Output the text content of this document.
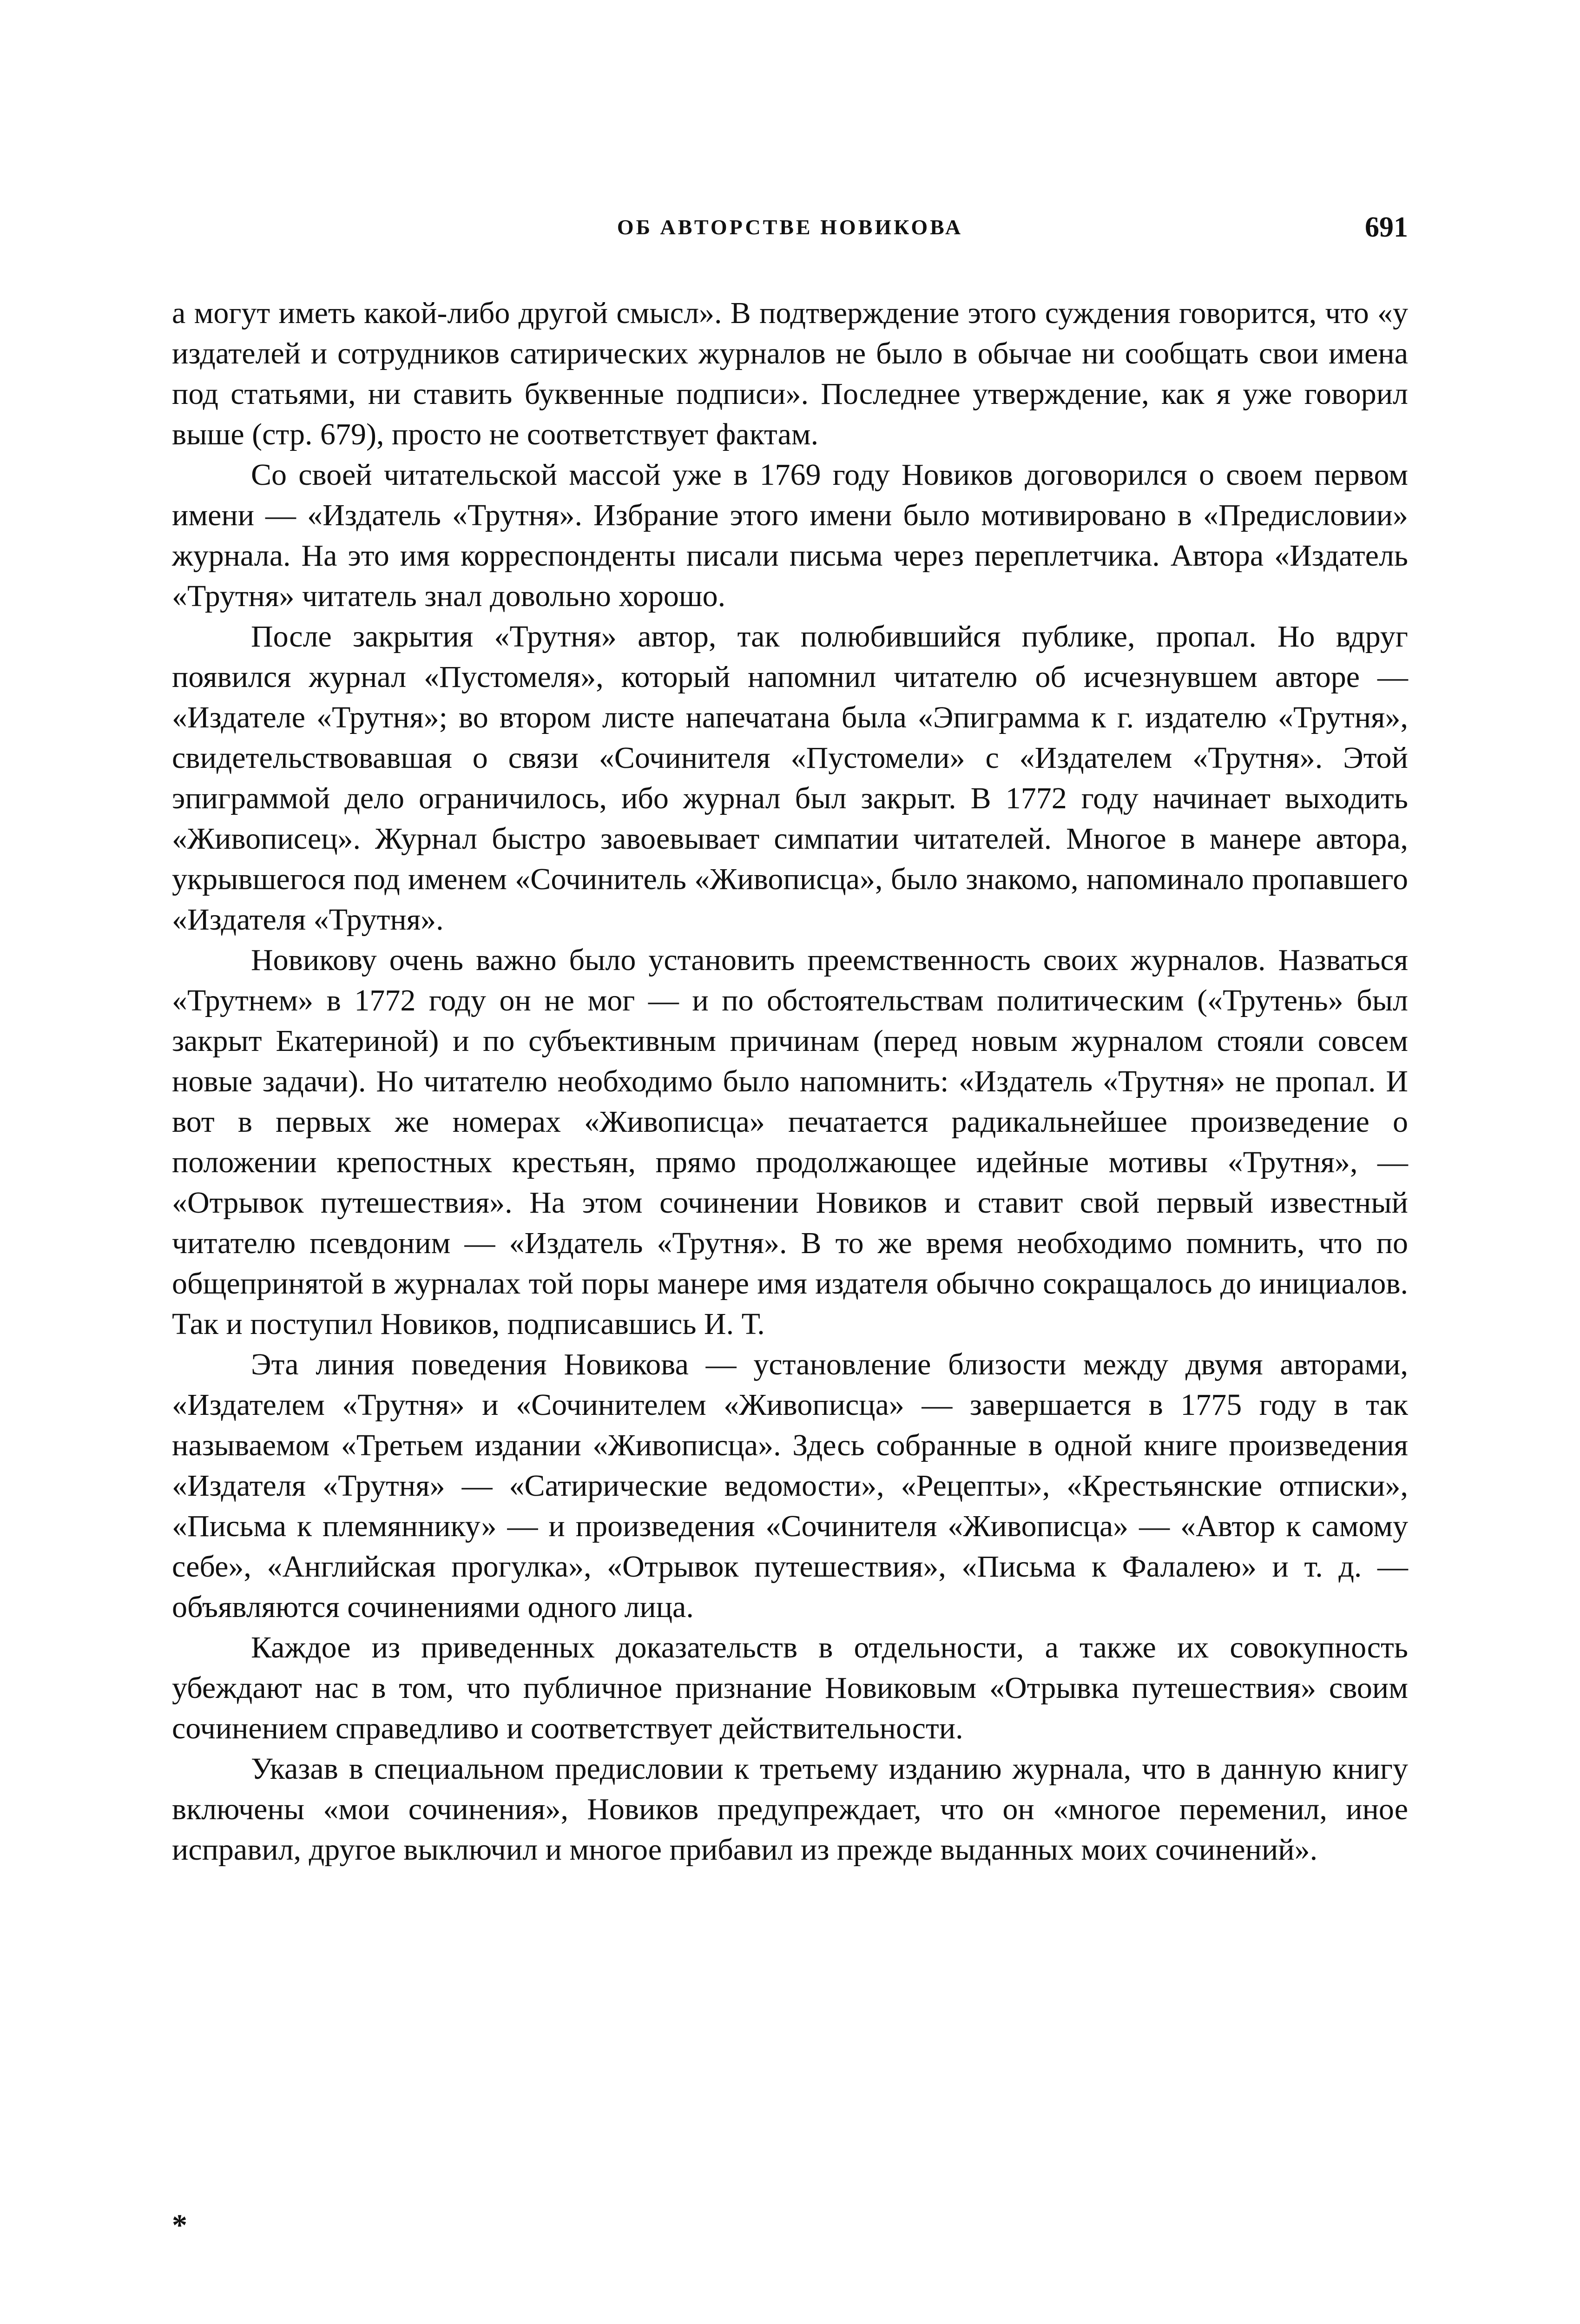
ОБ АВТОРСТВЕ НОВИКОВА	691

а могут иметь какой-либо другой смысл». В подтверждение этого суждения говорится, что «у издателей и сотрудников сатирических журналов не было в обычае ни сообщать свои имена под статьями, ни ставить буквенные подписи». Последнее утверждение, как я уже говорил выше (стр. 679), просто не соответствует фактам.

Со своей читательской массой уже в 1769 году Новиков договорился о своем первом имени — «Издатель «Трутня». Избрание этого имени было мотивировано в «Предисловии» журнала. На это имя корреспонденты писали письма через переплетчика. Автора «Издатель «Трутня» читатель знал довольно хорошо.

После закрытия «Трутня» автор, так полюбившийся публике, пропал. Но вдруг появился журнал «Пустомеля», который напомнил читателю об исчезнувшем авторе — «Издателе «Трутня»; во втором листе напечатана была «Эпиграмма к г. издателю «Трутня», свидетельствовавшая о связи «Сочинителя «Пустомели» с «Издателем «Трутня». Этой эпиграммой дело ограничилось, ибо журнал был закрыт. В 1772 году начинает выходить «Живописец». Журнал быстро завоевывает симпатии читателей. Многое в манере автора, укрывшегося под именем «Сочинитель «Живописца», было знакомо, напоминало пропавшего «Издателя «Трутня».

Новикову очень важно было установить преемственность своих журналов. Назваться «Трутнем» в 1772 году он не мог — и по обстоятельствам политическим («Трутень» был закрыт Екатериной) и по субъективным причинам (перед новым журналом стояли совсем новые задачи). Но читателю необходимо было напомнить: «Издатель «Трутня» не пропал. И вот в первых же номерах «Живописца» печатается радикальнейшее произведение о положении крепостных крестьян, прямо продолжающее идейные мотивы «Трутня», — «Отрывок путешествия». На этом сочинении Новиков и ставит свой первый известный читателю псевдоним — «Издатель «Трутня». В то же время необходимо помнить, что по общепринятой в журналах той поры манере имя издателя обычно сокращалось до инициалов. Так и поступил Новиков, подписавшись И. Т.

Эта линия поведения Новикова — установление близости между двумя авторами, «Издателем «Трутня» и «Сочинителем «Живописца» — завершается в 1775 году в так называемом «Третьем издании «Живописца». Здесь собранные в одной книге произведения «Издателя «Трутня» — «Сатирические ведомости», «Рецепты», «Крестьянские отписки», «Письма к племяннику» — и произведения «Сочинителя «Живописца» — «Автор к самому себе», «Английская прогулка», «Отрывок путешествия», «Письма к Фалалею» и т. д. — объявляются сочинениями одного лица.

Каждое из приведенных доказательств в отдельности, а также их совокупность убеждают нас в том, что публичное признание Новиковым «Отрывка путешествия» своим сочинением справедливо и соответствует действительности.

Указав в специальном предисловии к третьему изданию журнала, что в данную книгу включены «мои сочинения», Новиков предупреждает, что он «многое переменил, иное исправил, другое выключил и многое прибавил из прежде выданных моих сочинений».

*
